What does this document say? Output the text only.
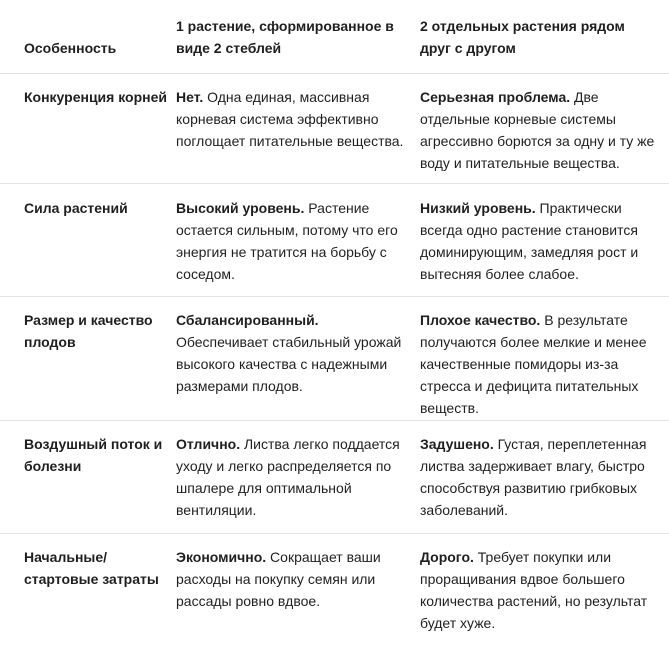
Особенность
1 растение, сформированное в виде 2 стеблей
2 отдельных растения рядом друг с другом
Конкуренция корней Нет. Одна единая, массивная корневая система эффективно поглощает питательные вещества.
Серьезная проблема. Две отдельные корневые системы агрессивно борются за одну и ту же воду и питательные вещества.
Сила растений	Высокий уровень. Растение остается сильным, потому что его энергия не тратится на борьбу с соседом.
Низкий уровень. Практически всегда одно растение становится доминирующим, замедляя рост и вытесняя более слабое.
Размер и качество плодов
Сбалансированный. Обеспечивает стабильный урожай высокого качества с надежными размерами плодов.
Плохое качество. В результате получаются более мелкие и менее качественные помидоры из-за стресса и дефицита питательных веществ.
Воздушный поток и болезни
Отлично. Листва легко поддается уходу и легко распределяется по шпалере для оптимальной вентиляции.
Задушено. Густая, переплетенная листва задерживает влагу, быстро способствуя развитию грибковых заболеваний.
Начальные/ стартовые затраты
Экономично. Сокращает ваши расходы на покупку семян или рассады ровно вдвое.
Дорого. Требует покупки или проращивания вдвое большего количества растений, но результат будет хуже.
